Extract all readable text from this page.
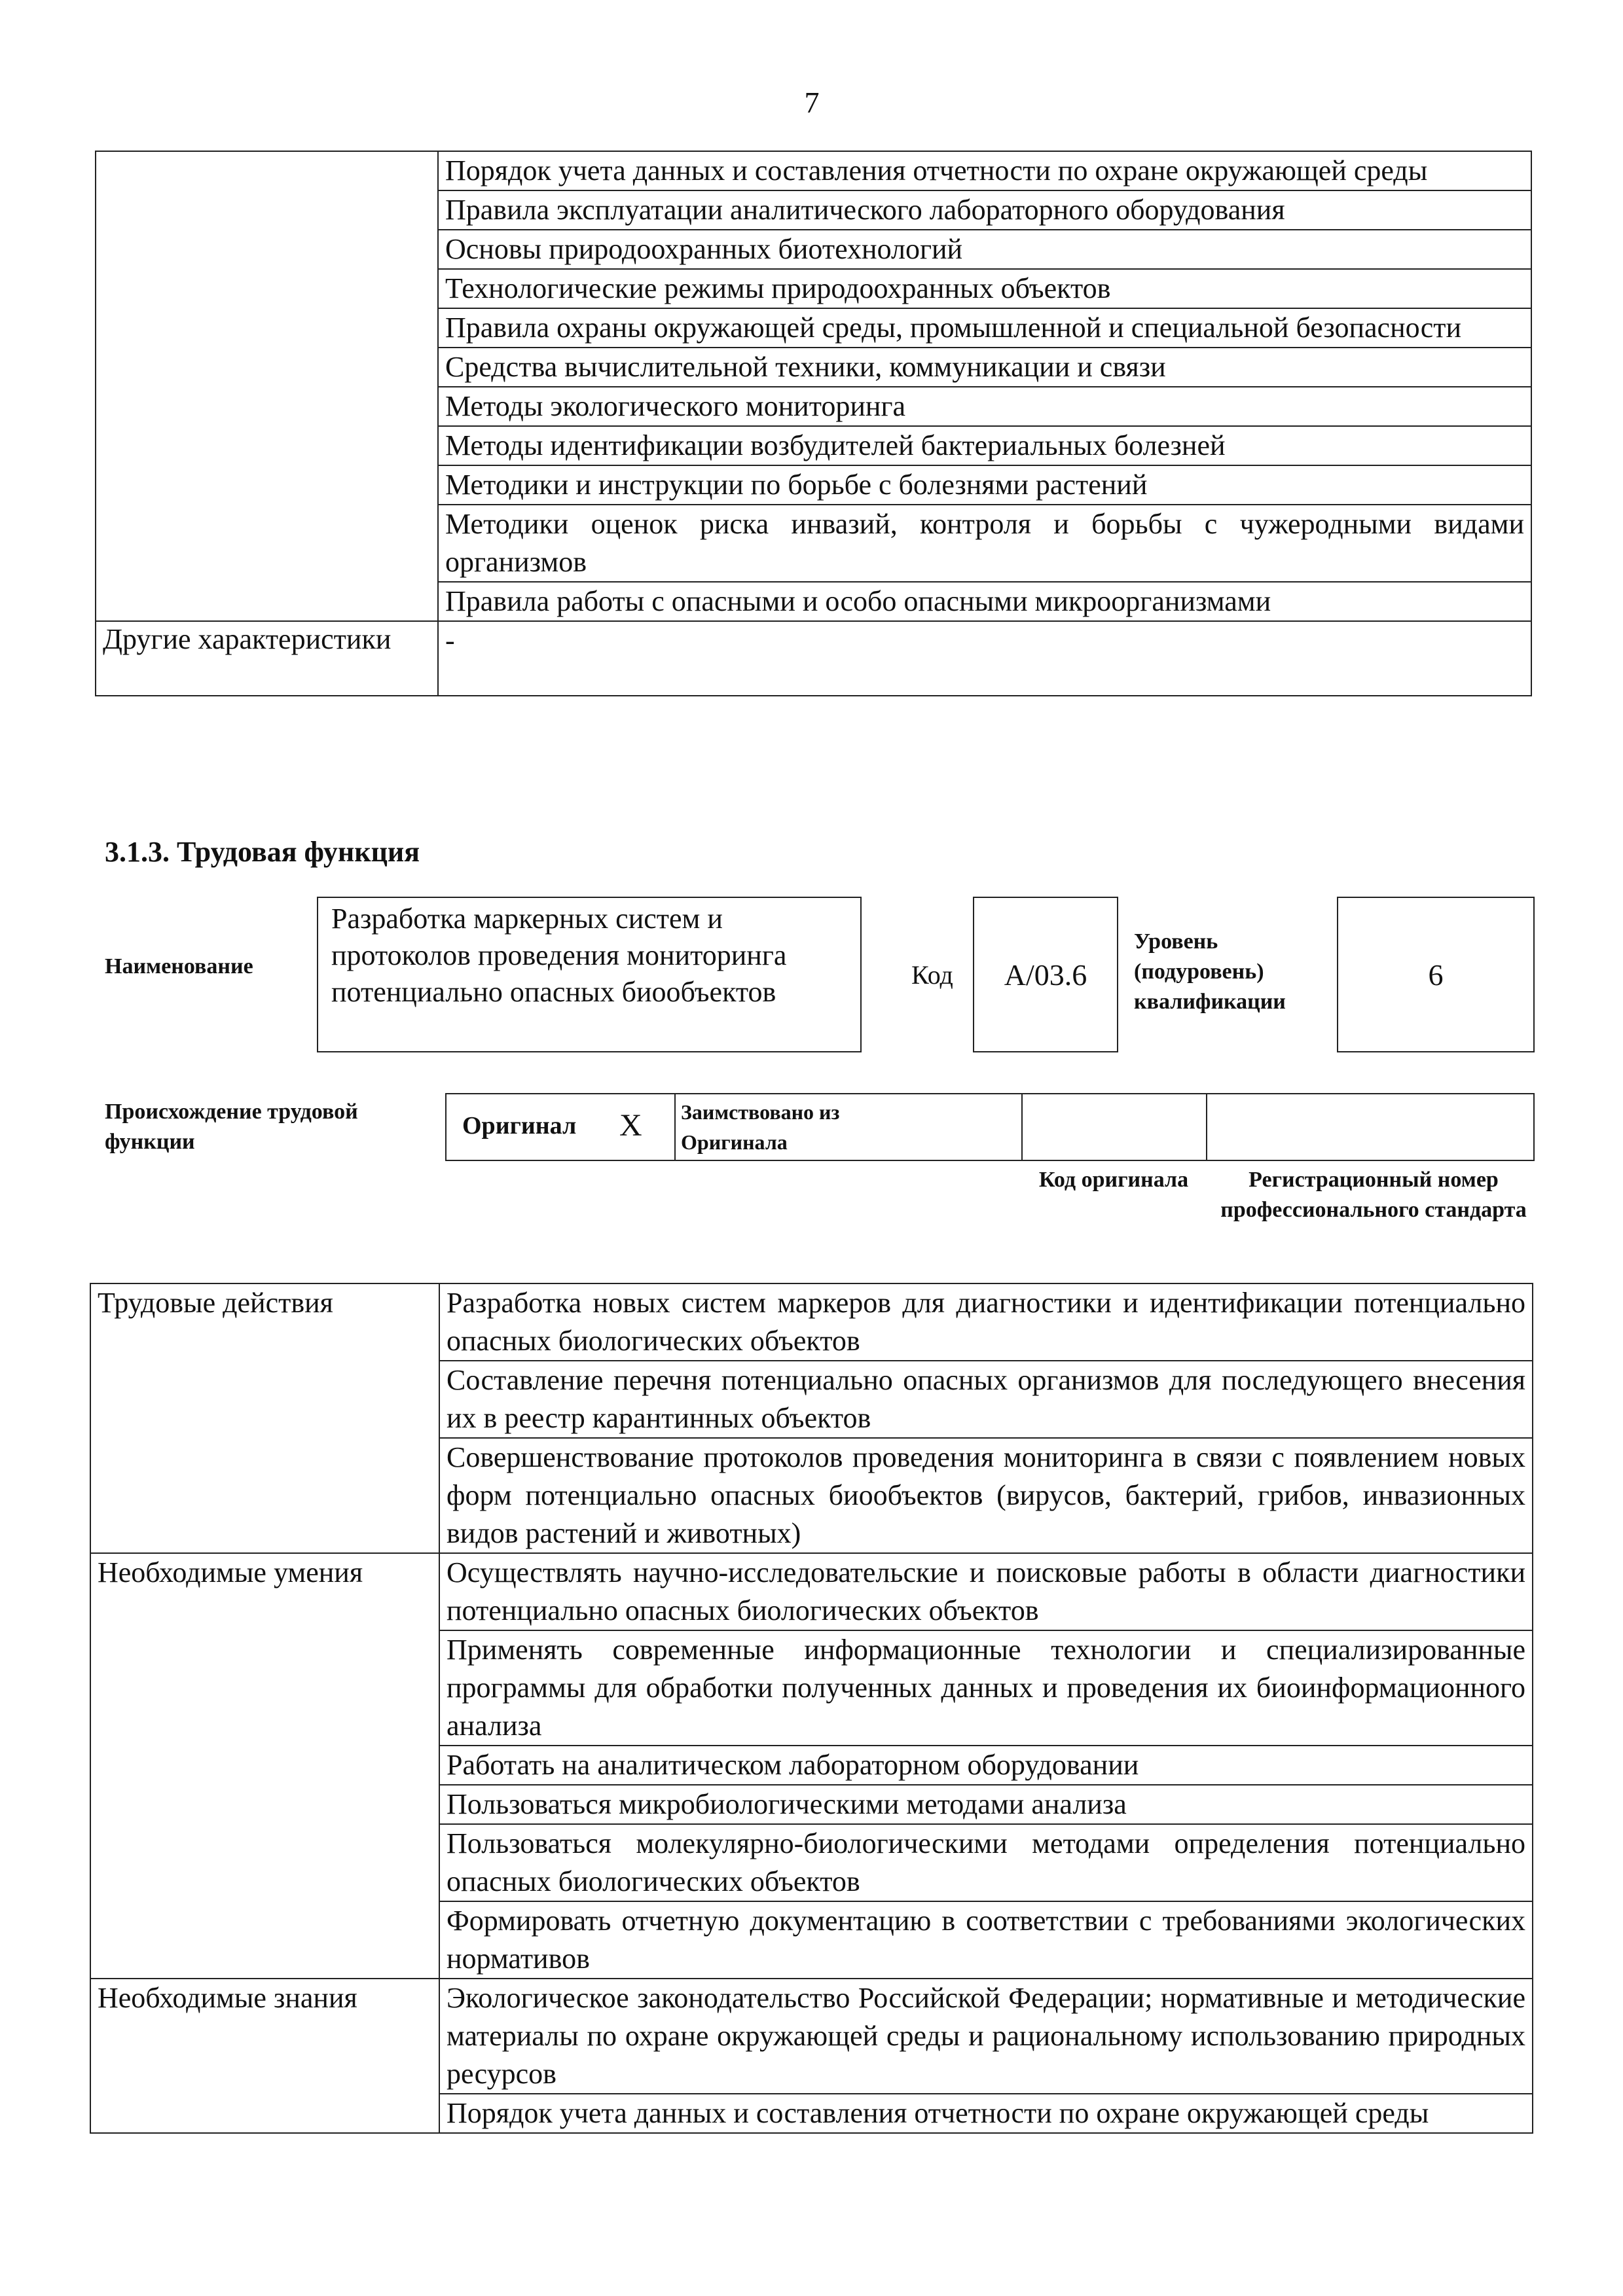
7
	Порядок учета данных и составления отчетности по охране окружающей среды
	Правила эксплуатации аналитического лабораторного оборудования
	Основы природоохранных биотехнологий
	Технологические режимы природоохранных объектов
	Правила охраны окружающей среды, промышленной и специальной безопасности
	Средства вычислительной техники, коммуникации и связи
	Методы экологического мониторинга
	Методы идентификации возбудителей бактериальных болезней
	Методики и инструкции по борьбе с болезнями растений
	Методики оценок риска инвазий, контроля и борьбы с чужеродными видами организмов
	Правила работы с опасными и особо опасными микроорганизмами
Другие характеристики	-
3.1.3. Трудовая функция
Наименование
Разработка маркерных систем и протоколов проведения мониторинга потенциально опасных биообъектов
Код А/03.6
Уровень (подуровень) квалификации
6
Происхождение трудовой функции
Оригинал X Заимствовано из Оригинала
Код оригинала	Регистрационный номер профессионального стандарта
Трудовые действия	Разработка новых систем маркеров для диагностики и идентификации потенциально опасных биологических объектов
	Составление перечня потенциально опасных организмов для последующего внесения их в реестр карантинных объектов
	Совершенствование протоколов проведения мониторинга в связи с появлением новых форм потенциально опасных биообъектов (вирусов, бактерий, грибов, инвазионных видов растений и животных)
Необходимые умения	Осуществлять научно-исследовательские и поисковые работы в области диагностики потенциально опасных биологических объектов
	Применять современные информационные технологии и специализированные программы для обработки полученных данных и проведения их биоинформационного анализа
	Работать на аналитическом лабораторном оборудовании
	Пользоваться микробиологическими методами анализа
	Пользоваться молекулярно-биологическими методами определения потенциально опасных биологических объектов
	Формировать отчетную документацию в соответствии с требованиями экологических нормативов
Необходимые знания	Экологическое законодательство Российской Федерации; нормативные и методические материалы по охране окружающей среды и рациональному использованию природных ресурсов
	Порядок учета данных и составления отчетности по охране окружающей среды
